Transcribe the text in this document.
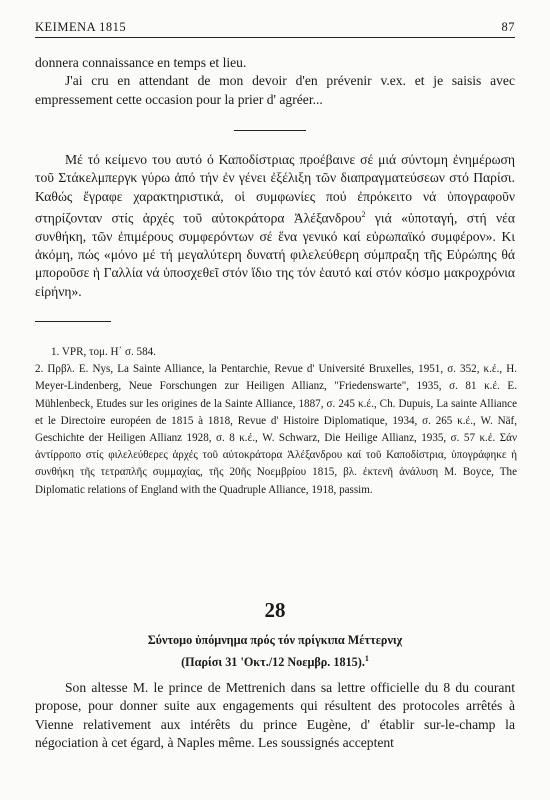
ΚΕΙΜΕΝΑ 1815	87

donnera connaissance en temps et lieu.

J'ai cru en attendant de mon devoir d'en prévenir v.ex. et je saisis avec empressement cette occasion pour la prier d' agréer...

Μέ τό κείμενο του αυτό ό Καποδίστριας προέβαινε σέ μιά σύντομη ἐνημέρωση τοῦ Στάκελμπεργκ γύρω ἀπό τήν ἐν γένει ἐξέλιξη τῶν διαπραγματεύσεων στό Παρίσι. Καθώς ἔγραφε χαρακτηριστικά, οἱ συμφωνίες πού ἐπρόκειτο νά ὑπογραφοῦν στηρίζονταν στίς ἀρχές τοῦ αὐτοκράτορα Ἀλέξανδρου$^2$ γιά «ὑποταγή, στή νέα συνθήκη, τῶν ἐπιμέρους συμφερόντων σέ ἕνα γενικό καί εὐρωπαϊκό συμφέρον». Κι ἀκόμη, πώς «μόνο μέ τή μεγαλύτερη δυνατή φιλελεύθερη σύμπραξη τῆς Εὐρώπης θά μποροῦσε ἡ Γαλλία νά ὑποσχεθεῖ στόν ἴδιο της τόν ἑαυτό καί στόν κόσμο μακροχρόνια εἰρήνη».

1. VPR, τομ. Η΄ σ. 584.

2. Πρβλ. E. Nys, La Sainte Alliance, la Pentarchie, Revue d' Université Bruxelles, 1951, σ. 352, κ.έ., H. Meyer-Lindenberg, Neue Forschungen zur Heiligen Allianz, "Friedenswarte", 1935, σ. 81 κ.έ. E. Mühlenbeck, Etudes sur les origines de la Sainte Alliance, 1887, σ. 245 κ.έ., Ch. Dupuis, La sainte Alliance et le Directoire européen de 1815 à 1818, Revue d' Histoire Diplomatique, 1934, σ. 265 κ.έ., W. Näf, Geschichte der Heiligen Allianz 1928, σ. 8 κ.έ., W. Schwarz, Die Heilige Allianz, 1935, σ. 57 κ.έ. Σάν ἀντίρροπο στίς φιλελεύθερες ἀρχές τοῦ αὐτοκράτορα Ἀλέξανδρου καί τοῦ Καποδίστρια, ὑπογράφηκε ἡ συνθήκη τῆς τετραπλῆς συμμαχίας, τῆς 20ῆς Νοεμβρίου 1815, βλ. ἐκτενῆ ἀνάλυση M. Boyce, The Diplomatic relations of England with the Quadruple Alliance, 1918, passim.

28
Σύντομο ὑπόμνημα πρός τόν πρίγκιπα Μέττερνιχ
(Παρίσι 31 'Οκτ./12 Νοεμβρ. 1815).$^1$

Son altesse M. le prince de Mettrenich dans sa lettre officielle du 8 du courant propose, pour donner suite aux engagements qui résultent des protocoles arrêtés à Vienne relativement aux intérêts du prince Eugène, d' établir sur-le-champ la négociation à cet égard, à Naples même. Les soussignés acceptent
